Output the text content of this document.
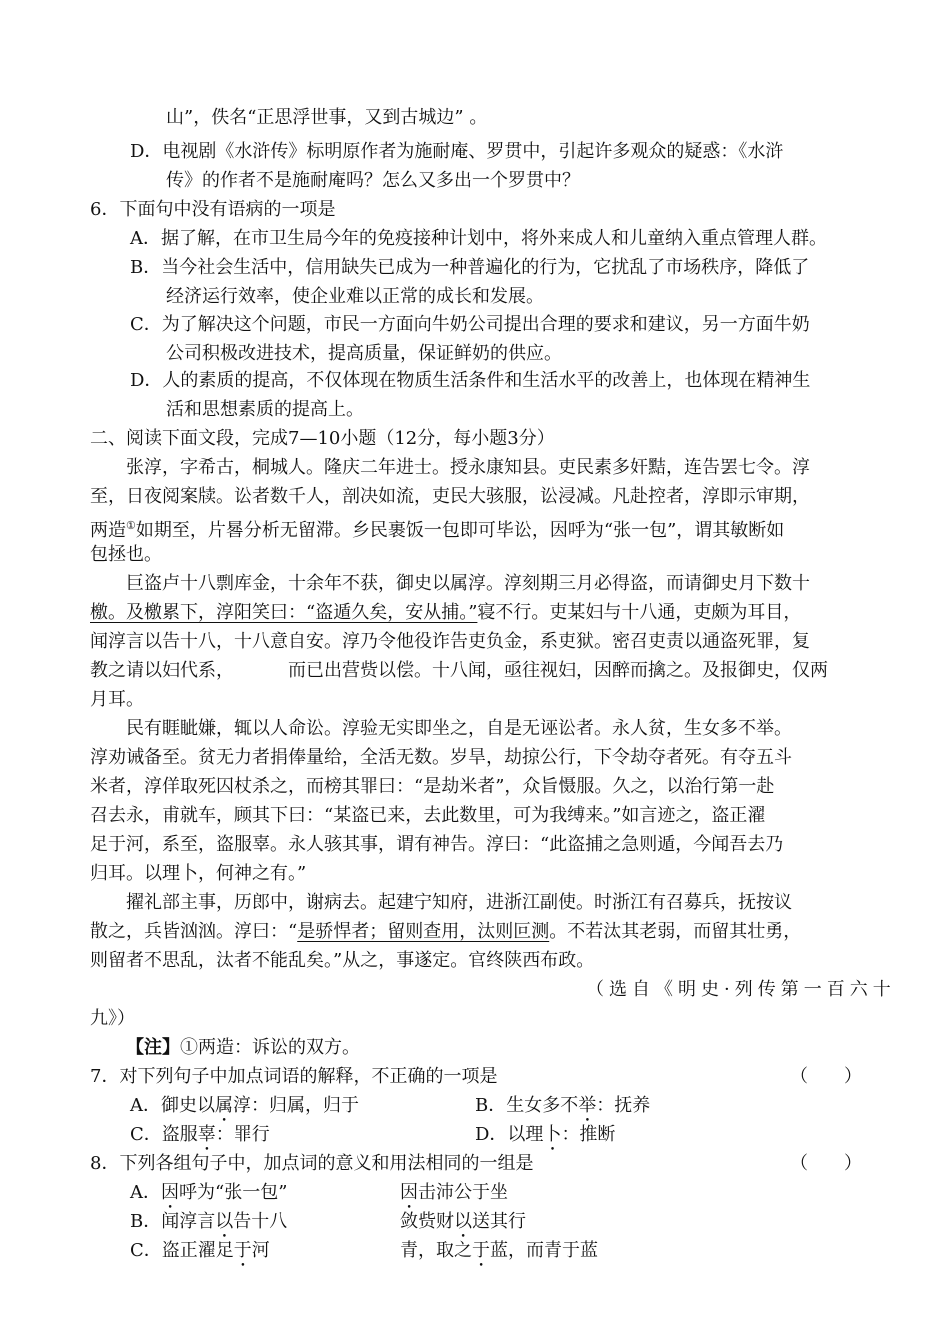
山”，佚名“正思浮世事，又到古城边” 。
D．电视剧《水浒传》标明原作者为施耐庵、罗贯中，引起许多观众的疑惑：《水浒
传》的作者不是施耐庵吗？怎么又多出一个罗贯中？
6．下面句中没有语病的一项是
A．据了解，在市卫生局今年的免疫接种计划中，将外来成人和儿童纳入重点管理人群。
B．当今社会生活中，信用缺失已成为一种普遍化的行为，它扰乱了市场秩序，降低了
经济运行效率，使企业难以正常的成长和发展。
C．为了解决这个问题，市民一方面向牛奶公司提出合理的要求和建议，另一方面牛奶
公司积极改进技术，提高质量，保证鲜奶的供应。
D．人的素质的提高，不仅体现在物质生活条件和生活水平的改善上，也体现在精神生
活和思想素质的提高上。
二、阅读下面文段，完成7—10小题（12分，每小题3分）
张淳，字希古，桐城人。隆庆二年进士。授永康知县。吏民素多奸黠，连告罢七令。淳
至，日夜阅案牍。讼者数千人，剖决如流，吏民大骇服，讼浸减。凡赴控者，淳即示审期，
两造①如期至，片晷分析无留滞。乡民裹饭一包即可毕讼，因呼为“张一包”，谓其敏断如
包拯也。
巨盗卢十八剽库金，十余年不获，御史以属淳。淳刻期三月必得盗，而请御史月下数十
檄。及檄累下，淳阳笑曰：“盗遁久矣，安从捕。”寝不行。吏某妇与十八通，吏颇为耳目，
闻淳言以告十八，十八意自安。淳乃令他役诈告吏负金，系吏狱。密召吏责以通盗死罪，复
教之请以妇代系，	而已出营赀以偿。十八闻，亟往视妇，因醉而擒之。及报御史，仅两
月耳。
民有睚眦嫌，辄以人命讼。淳验无实即坐之，自是无诬讼者。永人贫，生女多不举。
淳劝诫备至。贫无力者捐俸量给，全活无数。岁旱，劫掠公行，下令劫夺者死。有夺五斗
米者，淳佯取死囚杖杀之，而榜其罪曰：“是劫米者”，众旨慑服。久之，以治行第一赴
召去永，甫就车，顾其下曰：“某盗已来，去此数里，可为我缚来。”如言迹之，盗正濯
足于河，系至，盗服辜。永人骇其事，谓有神告。淳曰：“此盗捕之急则遁，今闻吾去乃
归耳。以理卜，何神之有。”
擢礼部主事，历郎中，谢病去。起建宁知府，进浙江副使。时浙江有召募兵，抚按议
散之，兵皆汹汹。淳曰：“是骄悍者；留则查用，汰则叵测。不若汰其老弱，而留其壮勇，
则留者不思乱，汰者不能乱矣。”从之，事遂定。官终陕西布政。
（选自《明史·列传第一百六十
九》）
【注】①两造：诉讼的双方。
7．对下列句子中加点词语的解释，不正确的一项是	（　　）
A．御史以属淳：归属，归于	B．生女多不举：抚养
C．盗服辜：罪行	D．以理卜：推断
8．下列各组句子中，加点词的意义和用法相同的一组是	（　　）
A．因呼为“张一包”	因击沛公于坐
B．闻淳言以告十八	敛赀财以送其行
C．盗正濯足于河	青，取之于蓝，而青于蓝
